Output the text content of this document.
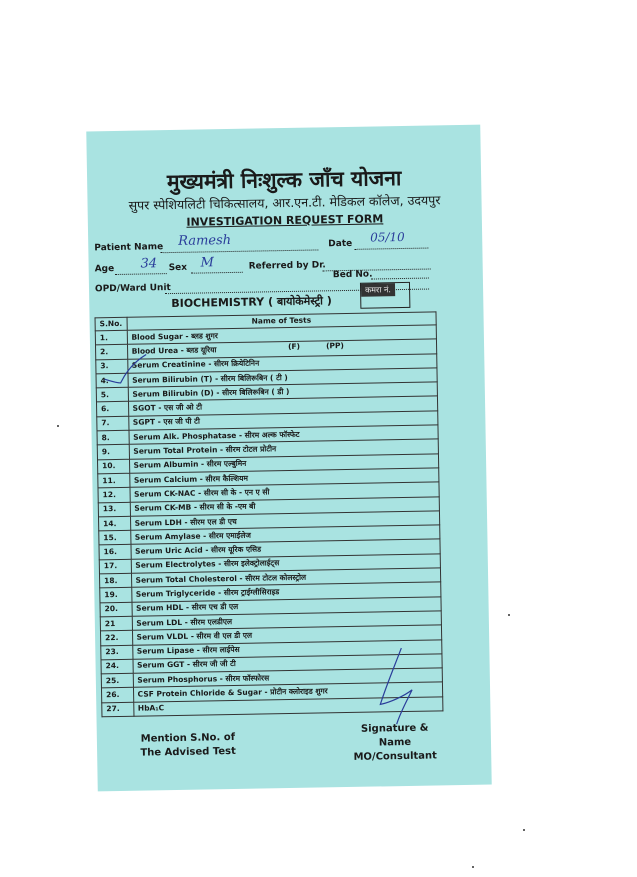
मुख्यमंत्री निःशुल्क जाँच योजना
सुपर स्पेशियलिटी चिकित्सालय, आर.एन.टी. मेडिकल कॉलेज, उदयपुर
INVESTIGATION REQUEST FORM
Patient Name Ramesh	Date 05/10
Age 34 Sex M	Referred by Dr.
OPD/Ward Unit
Bed No.
BIOCHEMISTRY ( बायोकेमेस्ट्री )
कमरा नं.
S.No.	Name of Tests
1.	Blood Sugar - ब्लड शुगर
2.	Blood Urea - ब्लड यूरिया
3.	Serum Creatinine - सीरम क्रियेटिनिन
4.	Serum Bilirubin (T) - सीरम बिलिरूबिन ( टी )
5.	Serum Bilirubin (D) - सीरम बिलिरूबिन ( डी )
6.	SGOT - एस जी ओ टी
7.	SGPT - एस जी पी टी
8.	Serum Alk. Phosphatase - सीरम अल्क फॉस्फेट
9.	Serum Total Protein - सीरम टोटल प्रोटीन
10.	Serum Albumin - सीरम एल्बुमिन
11.	Serum Calcium - सीरम कैल्शियम
12.	Serum CK-NAC - सीरम सी के - एन ए सी
13.	Serum CK-MB - सीरम सी के -एम बी
14.	Serum LDH - सीरम एल डी एच
15.	Serum Amylase - सीरम एमाईलेज
16.	Serum Uric Acid - सीरम यूरिक एसिड
17.	Serum Electrolytes - सीरम इलेक्ट्रोलाईट्स
18.	Serum Total Cholesterol - सीरम टोटल कोलस्ट्रोल
19.	Serum Triglyceride - सीरम ट्राईग्लीसिराइड
20.	Serum HDL - सीरम एच डी एल
21	Serum LDL - सीरम एलडीएल
22.	Serum VLDL - सीरम वी एल डी एल
23.	Serum Lipase - सीरम लाईपेस
24.	Serum GGT - सीरम जी जी टी
25.	Serum Phosphorus - सीरम फॉस्फोरस
26.	CSF Protein Chloride & Sugar - प्रोटीन क्लोराइड शुगर
27.	HbA₁C
(F)	(PP)
Mention S.No. of The Advised Test
Signature & Name MO/Consultant
